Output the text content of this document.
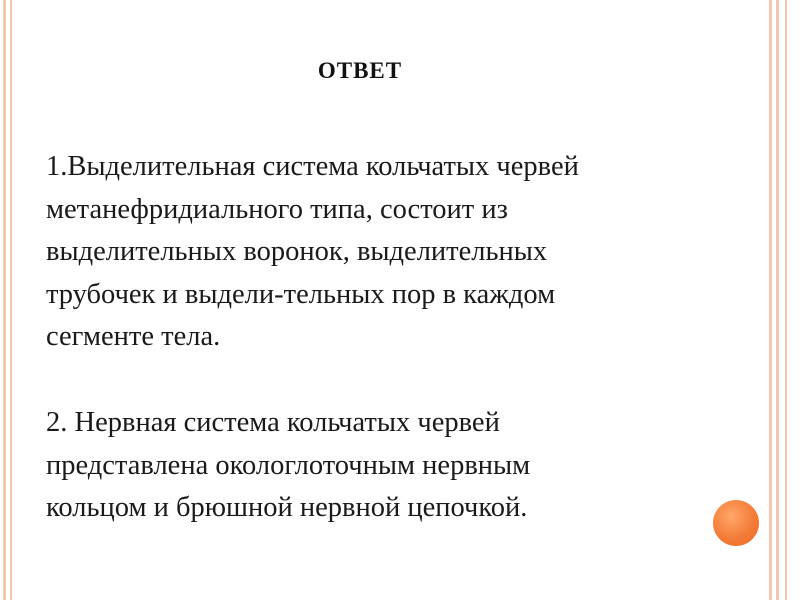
ОТВЕТ
1.Выделительная система кольчатых червей
метанефридиального типа, состоит из
выделительных воронок, выделительных
трубочек и выдели-тельных пор в каждом
сегменте тела.
2. Нервная система кольчатых червей
представлена окологлоточным нервным
кольцом и брюшной нервной цепочкой.
